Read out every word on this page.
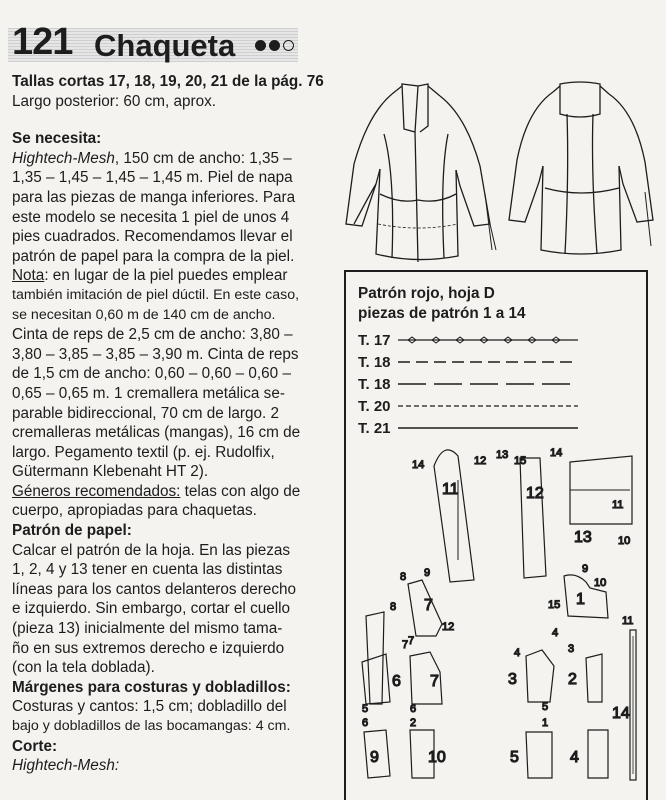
121 Chaqueta

Tallas cortas 17, 18, 19, 20, 21 de la pág. 76

Largo posterior: 60 cm, aprox.

Se necesita:

Hightech-Mesh, 150 cm de ancho: 1,35 –

1,35 – 1,45 – 1,45 – 1,45 m. Piel de napa

para las piezas de manga inferiores. Para

este modelo se necesita 1 piel de unos 4

pies cuadrados. Recomendamos llevar el

patrón de papel para la compra de la piel.

Nota: en lugar de la piel puedes emplear

también imitación de piel dúctil. En este caso,

se necesitan 0,60 m de 140 cm de ancho.

Cinta de reps de 2,5 cm de ancho: 3,80 –

3,80 – 3,85 – 3,85 – 3,90 m. Cinta de reps

de 1,5 cm de ancho: 0,60 – 0,60 – 0,60 –

0,65 – 0,65 m. 1 cremallera metálica se-

parable bidireccional, 70 cm de largo. 2

cremalleras metálicas (mangas), 16 cm de

largo. Pegamento textil (p. ej. Rudolfix,

Gütermann Klebenaht HT 2).

Géneros recomendados: telas con algo de

cuerpo, apropiadas para chaquetas.

Patrón de papel:

Calcar el patrón de la hoja. En las piezas

1, 2, 4 y 13 tener en cuenta las distintas

líneas para los cantos delanteros derecho

e izquierdo. Sin embargo, cortar el cuello

(pieza 13) inicialmente del mismo tama-

ño en sus extremos derecho e izquierdo

(con la tela doblada).

Márgenes para costuras y dobladillos:

Costuras y cantos: 1,5 cm; dobladillo del

bajo y dobladillos de las bocamangas: 4 cm.

Corte:

Hightech-Mesh:

Patrón rojo, hoja D
piezas de patrón 1 a 14
T. 17
T. 18
T. 18
T. 20
T. 21
11
14	12
12
13 15
14
13 10
11
7
8 9
12
8
7
1
15
9
10
4
6
5
7
6
7
3
4
2
3
5
9
6
10
2
5
1
4
11
14
